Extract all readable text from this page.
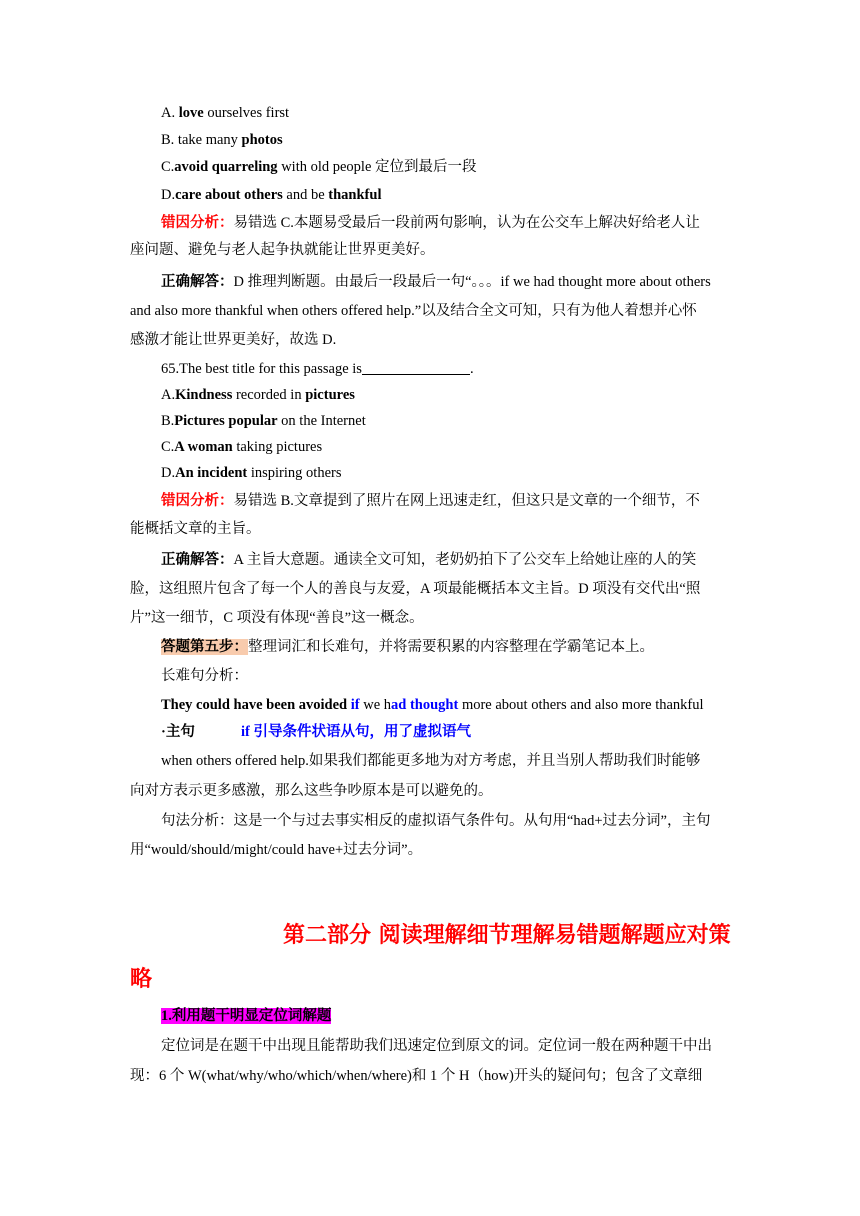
A. love ourselves first
B. take many photos
C.avoid quarreling with old people 定位到最后一段
D.care about others and be thankful
错因分析：易错选 C.本题易受最后一段前两句影响，认为在公交车上解决好给老人让
座问题、避免与老人起争执就能让世界更美好。
正确解答：D 推理判断题。由最后一段最后一句“。。。if we had thought more about others
and also more thankful when others offered help.”以及结合全文可知，只有为他人着想并心怀
感激才能让世界更美好，故选 D.
65.The best title for this passage is	.
A.Kindness recorded in pictures
B.Pictures popular on the Internet
C.A woman taking pictures
D.An incident inspiring others
错因分析：易错选 B.文章提到了照片在网上迅速走红，但这只是文章的一个细节，不
能概括文章的主旨。
正确解答：A 主旨大意题。通读全文可知，老奶奶拍下了公交车上给她让座的人的笑
脸，这组照片包含了每一个人的善良与友爱，A 项最能概括本文主旨。D 项没有交代出“照
片”这一细节，C 项没有体现“善良”这一概念。
答题第五步：整理词汇和长难句，并将需要积累的内容整理在学霸笔记本上。
长难句分析：
They could have been avoided if we had thought more about others and also more thankful
·主句	if 引导条件状语从句，用了虚拟语气
when others offered help.如果我们都能更多地为对方考虑，并且当别人帮助我们时能够
向对方表示更多感激，那么这些争吵原本是可以避免的。
句法分析：这是一个与过去事实相反的虚拟语气条件句。从句用“had+过去分词”，主句
用“would/should/might/could have+过去分词”。
第二部分 阅读理解细节理解易错题解题应对策
略
1.利用题干明显定位词解题
定位词是在题干中出现且能帮助我们迅速定位到原文的词。定位词一般在两种题干中出
现：6 个 W(what/why/who/which/when/where)和 1 个 H（how)开头的疑问句；包含了文章细
